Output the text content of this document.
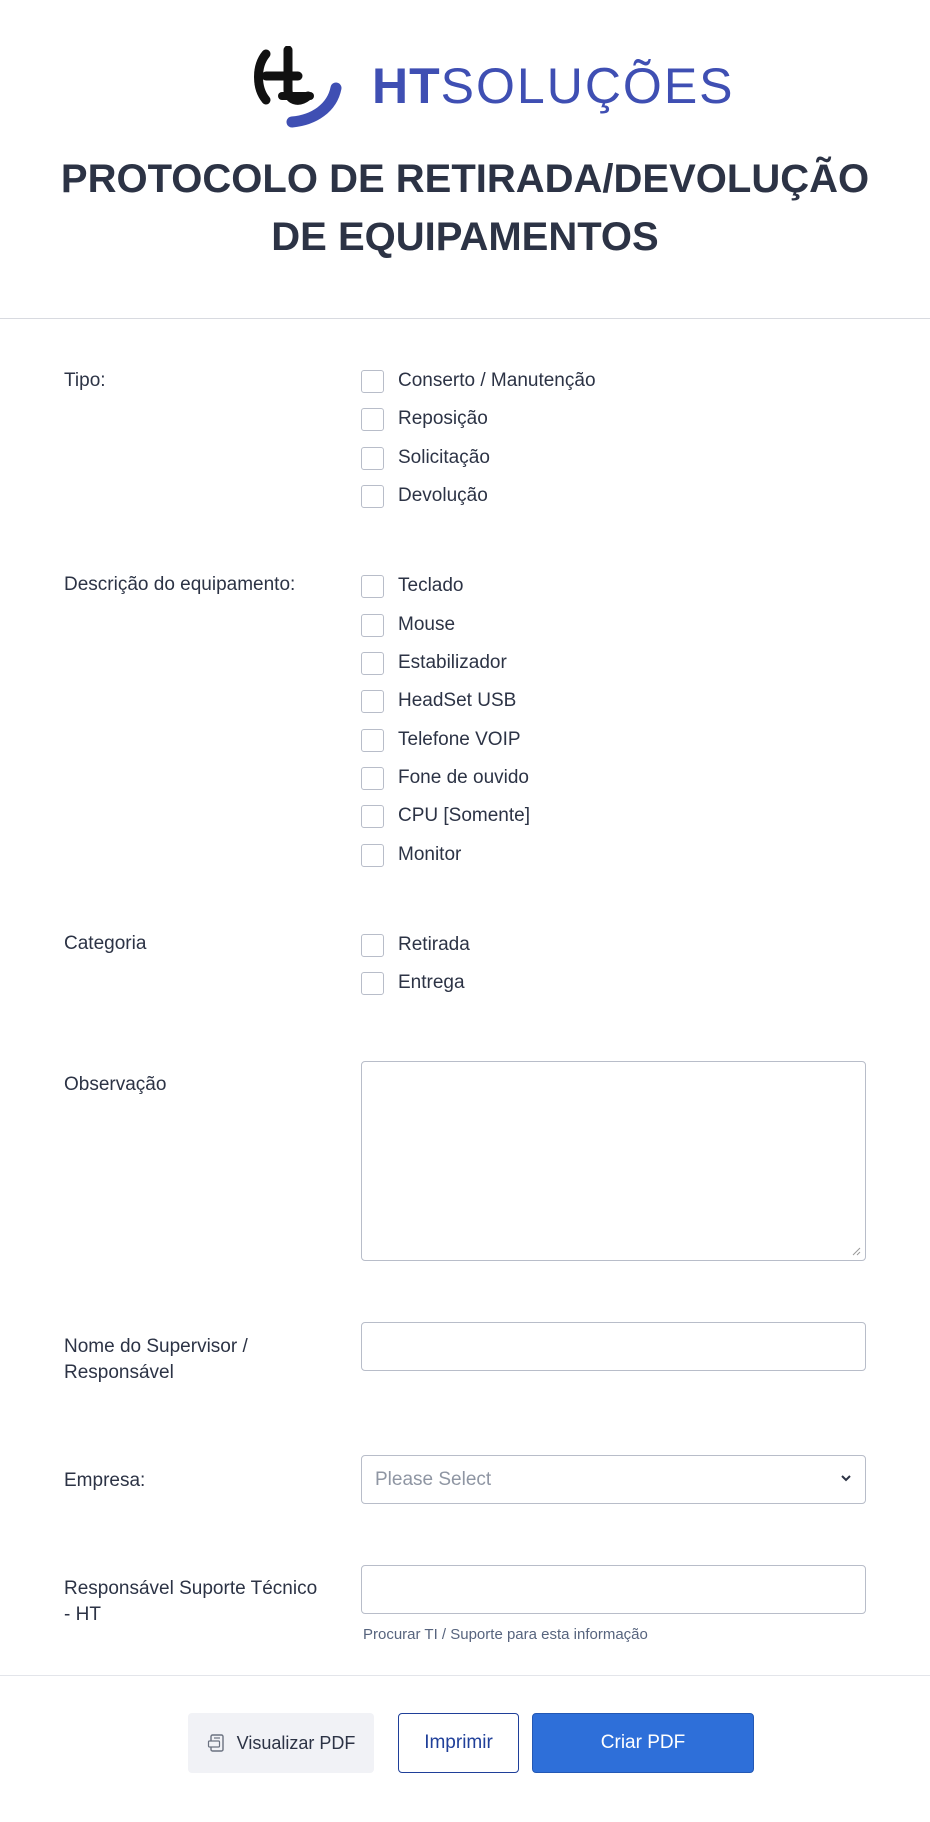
HTSOLUÇÕES
PROTOCOLO DE RETIRADA/DEVOLUÇÃO
DE EQUIPAMENTOS
Tipo:	Conserto / Manutenção
Reposição
Solicitação
Devolução
Descrição do equipamento:	Teclado
Mouse
Estabilizador
HeadSet USB
Telefone VOIP
Fone de ouvido
CPU [Somente]
Monitor
Categoria	Retirada
Entrega
Observação
Nome do Supervisor /
Responsável
Empresa:	Please Select
Responsável Suporte Técnico
- HT
Procurar TI / Suporte para esta informação
Visualizar PDF	Imprimir	Criar PDF
